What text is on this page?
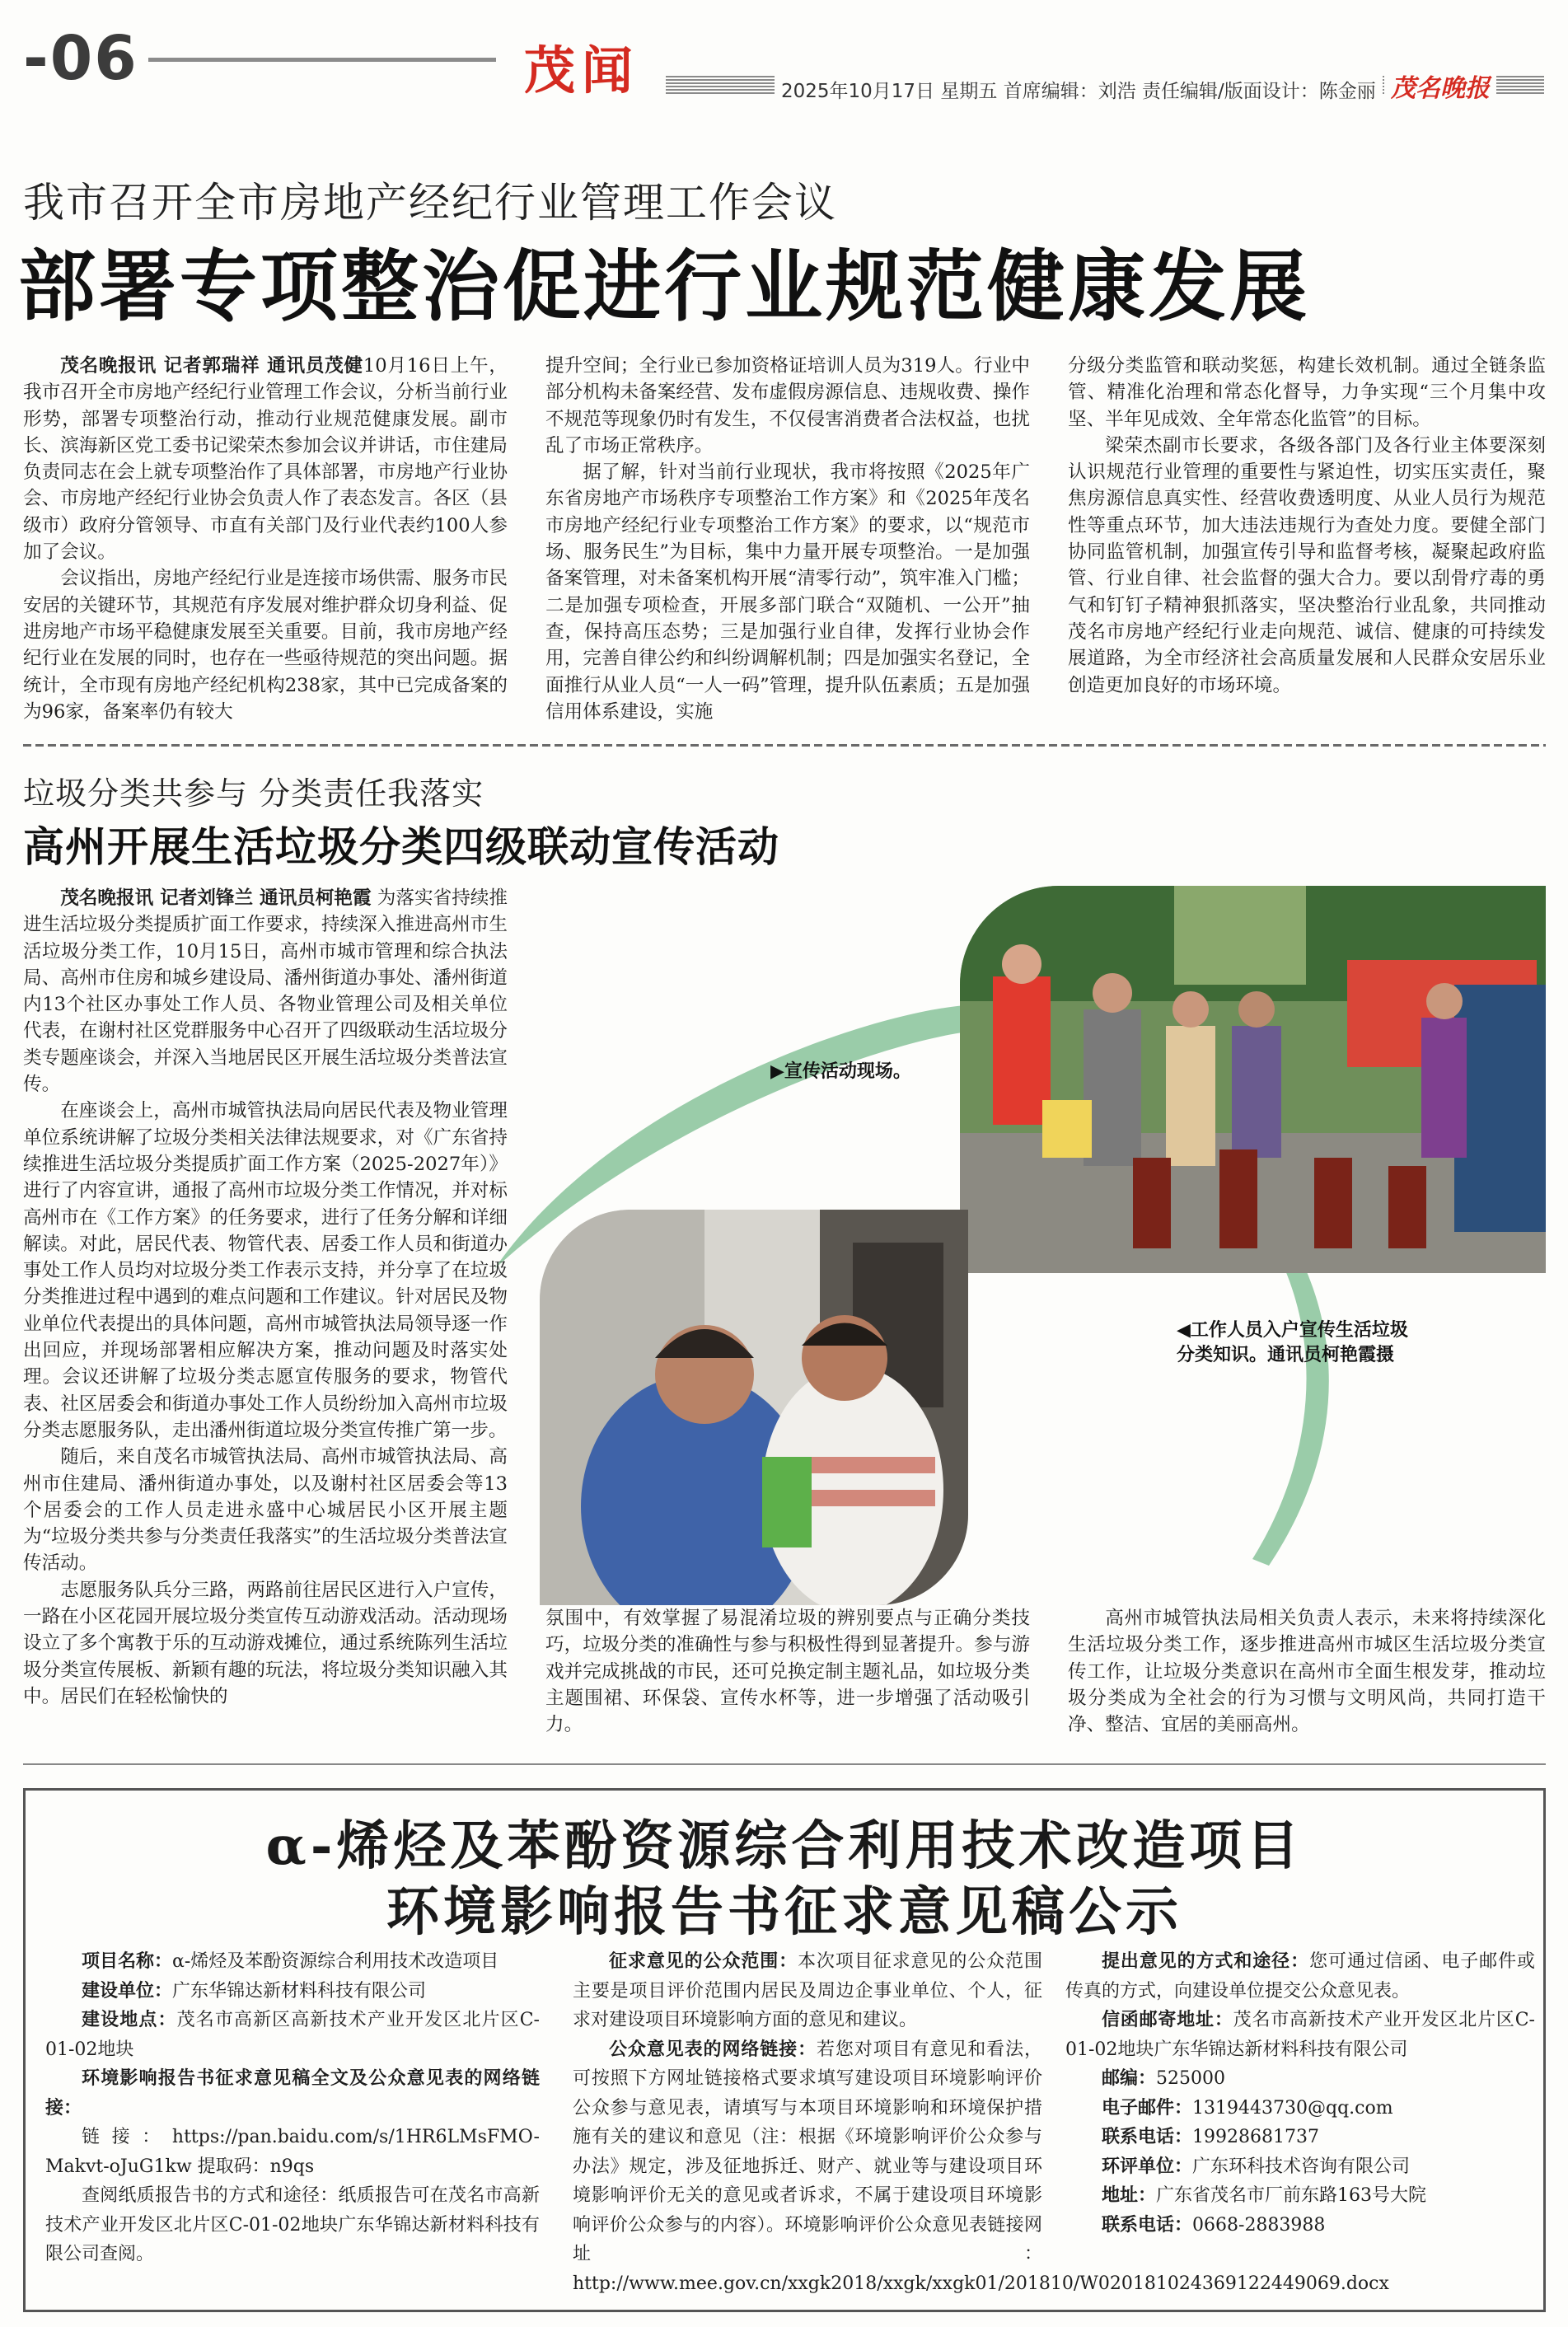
-06	茂闻	2025年10月17日 星期五 首席编辑：刘浩 责任编辑/版面设计：陈金丽 茂名晚报
我市召开全市房地产经纪行业管理工作会议
部署专项整治促进行业规范健康发展

茂名晚报讯 记者郭瑞祥 通讯员茂健10月16日上午，我市召开全市房地产经纪行业管理工作会议，分析当前行业形势，部署专项整治行动，推动行业规范健康发展。副市长、滨海新区党工委书记梁荣杰参加会议并讲话，市住建局负责同志在会上就专项整治作了具体部署，市房地产行业协会、市房地产经纪行业协会负责人作了表态发言。各区（县级市）政府分管领导、市直有关部门及行业代表约100人参加了会议。

会议指出，房地产经纪行业是连接市场供需、服务市民安居的关键环节，其规范有序发展对维护群众切身利益、促进房地产市场平稳健康发展至关重要。目前，我市房地产经纪行业在发展的同时，也存在一些亟待规范的突出问题。据统计，全市现有房地产经纪机构238家，其中已完成备案的为96家，备案率仍有较大

提升空间；全行业已参加资格证培训人员为319人。行业中部分机构未备案经营、发布虚假房源信息、违规收费、操作不规范等现象仍时有发生，不仅侵害消费者合法权益，也扰乱了市场正常秩序。

据了解，针对当前行业现状，我市将按照《2025年广东省房地产市场秩序专项整治工作方案》和《2025年茂名市房地产经纪行业专项整治工作方案》的要求，以“规范市场、服务民生”为目标，集中力量开展专项整治。一是加强备案管理，对未备案机构开展“清零行动”，筑牢准入门槛；二是加强专项检查，开展多部门联合“双随机、一公开”抽查，保持高压态势；三是加强行业自律，发挥行业协会作用，完善自律公约和纠纷调解机制；四是加强实名登记，全面推行从业人员“一人一码”管理，提升队伍素质；五是加强信用体系建设，实施

分级分类监管和联动奖惩，构建长效机制。通过全链条监管、精准化治理和常态化督导，力争实现“三个月集中攻坚、半年见成效、全年常态化监管”的目标。

梁荣杰副市长要求，各级各部门及各行业主体要深刻认识规范行业管理的重要性与紧迫性，切实压实责任，聚焦房源信息真实性、经营收费透明度、从业人员行为规范性等重点环节，加大违法违规行为查处力度。要健全部门协同监管机制，加强宣传引导和监督考核，凝聚起政府监管、行业自律、社会监督的强大合力。要以刮骨疗毒的勇气和钉钉子精神狠抓落实，坚决整治行业乱象，共同推动茂名市房地产经纪行业走向规范、诚信、健康的可持续发展道路，为全市经济社会高质量发展和人民群众安居乐业创造更加良好的市场环境。

垃圾分类共参与 分类责任我落实
高州开展生活垃圾分类四级联动宣传活动
▶宣传活动现场。
◀工作人员入户宣传生活垃圾分类知识。通讯员柯艳霞摄

茂名晚报讯 记者刘锋兰 通讯员柯艳霞 为落实省持续推进生活垃圾分类提质扩面工作要求，持续深入推进高州市生活垃圾分类工作，10月15日，高州市城市管理和综合执法局、高州市住房和城乡建设局、潘州街道办事处、潘州街道内13个社区办事处工作人员、各物业管理公司及相关单位代表，在谢村社区党群服务中心召开了四级联动生活垃圾分类专题座谈会，并深入当地居民区开展生活垃圾分类普法宣传。

在座谈会上，高州市城管执法局向居民代表及物业管理单位系统讲解了垃圾分类相关法律法规要求，对《广东省持续推进生活垃圾分类提质扩面工作方案（2025-2027年）》进行了内容宣讲，通报了高州市垃圾分类工作情况，并对标高州市在《工作方案》的任务要求，进行了任务分解和详细解读。对此，居民代表、物管代表、居委工作人员和街道办事处工作人员均对垃圾分类工作表示支持，并分享了在垃圾分类推进过程中遇到的难点问题和工作建议。针对居民及物业单位代表提出的具体问题，高州市城管执法局领导逐一作出回应，并现场部署相应解决方案，推动问题及时落实处理。会议还讲解了垃圾分类志愿宣传服务的要求，物管代表、社区居委会和街道办事处工作人员纷纷加入高州市垃圾分类志愿服务队，走出潘州街道垃圾分类宣传推广第一步。

随后，来自茂名市城管执法局、高州市城管执法局、高州市住建局、潘州街道办事处，以及谢村社区居委会等13个居委会的工作人员走进永盛中心城居民小区开展主题为“垃圾分类共参与分类责任我落实”的生活垃圾分类普法宣传活动。

志愿服务队兵分三路，两路前往居民区进行入户宣传，一路在小区花园开展垃圾分类宣传互动游戏活动。活动现场设立了多个寓教于乐的互动游戏摊位，通过系统陈列生活垃圾分类宣传展板、新颖有趣的玩法，将垃圾分类知识融入其中。居民们在轻松愉快的

氛围中，有效掌握了易混淆垃圾的辨别要点与正确分类技巧，垃圾分类的准确性与参与积极性得到显著提升。参与游戏并完成挑战的市民，还可兑换定制主题礼品，如垃圾分类主题围裙、环保袋、宣传水杯等，进一步增强了活动吸引力。

高州市城管执法局相关负责人表示，未来将持续深化生活垃圾分类工作，逐步推进高州市城区生活垃圾分类宣传工作，让垃圾分类意识在高州市全面生根发芽，推动垃圾分类成为全社会的行为习惯与文明风尚，共同打造干净、整洁、宜居的美丽高州。

α-烯烃及苯酚资源综合利用技术改造项目
环境影响报告书征求意见稿公示

项目名称：α-烯烃及苯酚资源综合利用技术改造项目

建设单位：广东华锦达新材料科技有限公司

建设地点：茂名市高新区高新技术产业开发区北片区C-01-02地块

环境影响报告书征求意见稿全文及公众意见表的网络链接：

链接：https://pan.baidu.com/s/1HR6LMsFMO-Makvt-oJuG1kw 提取码：n9qs

查阅纸质报告书的方式和途径：纸质报告可在茂名市高新技术产业开发区北片区C-01-02地块广东华锦达新材料科技有限公司查阅。

征求意见的公众范围：本次项目征求意见的公众范围主要是项目评价范围内居民及周边企事业单位、个人，征求对建设项目环境影响方面的意见和建议。

公众意见表的网络链接：若您对项目有意见和看法，可按照下方网址链接格式要求填写建设项目环境影响评价公众参与意见表，请填写与本项目环境影响和环境保护措施有关的建议和意见（注：根据《环境影响评价公众参与办法》规定，涉及征地拆迁、财产、就业等与建设项目环境影响评价无关的意见或者诉求，不属于建设项目环境影响评价公众参与的内容）。环境影响评价公众意见表链接网址：http://www.mee.gov.cn/xxgk2018/xxgk/xxgk01/201810/W020181024369122449069.docx

提出意见的方式和途径：您可通过信函、电子邮件或传真的方式，向建设单位提交公众意见表。

信函邮寄地址：茂名市高新技术产业开发区北片区C-01-02地块广东华锦达新材料科技有限公司

邮编：525000

电子邮件：1319443730@qq.com

联系电话：19928681737

环评单位：广东环科技术咨询有限公司

地址：广东省茂名市厂前东路163号大院

联系电话：0668-2883988
